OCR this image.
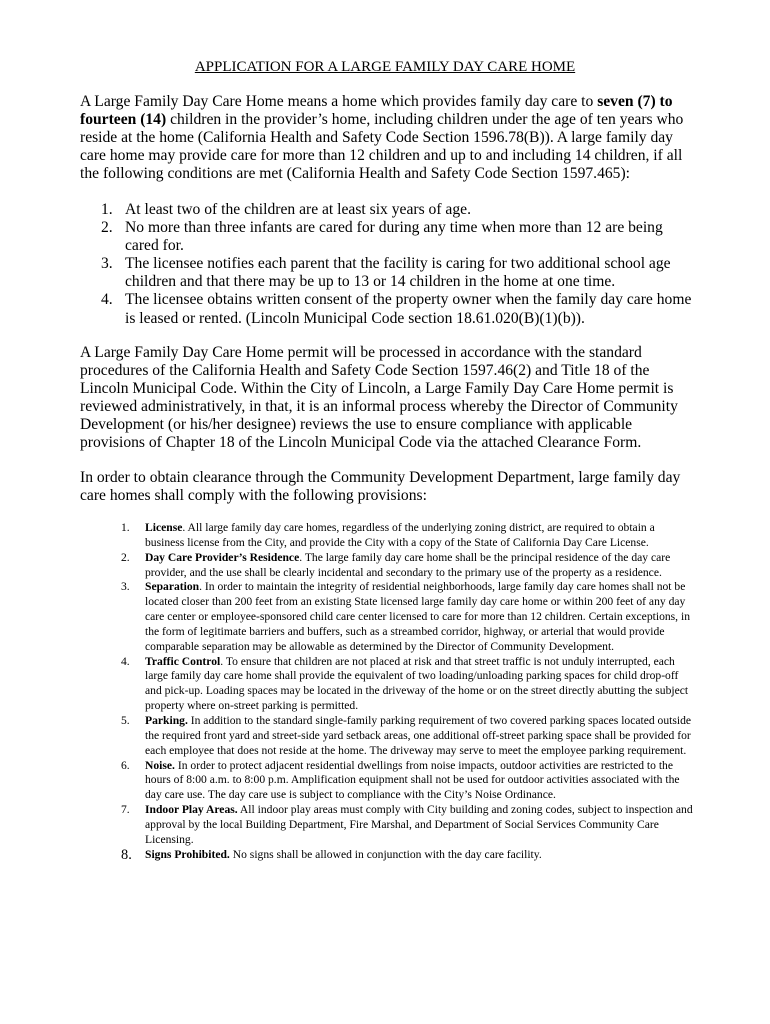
APPLICATION FOR A LARGE FAMILY DAY CARE HOME

A Large Family Day Care Home means a home which provides family day care to seven (7) to fourteen (14) children in the provider’s home, including children under the age of ten years who reside at the home (California Health and Safety Code Section 1596.78(B)). A large family day care home may provide care for more than 12 children and up to and including 14 children, if all the following conditions are met (California Health and Safety Code Section 1597.465):

1. At least two of the children are at least six years of age.
2. No more than three infants are cared for during any time when more than 12 are being cared for.
3. The licensee notifies each parent that the facility is caring for two additional school age children and that there may be up to 13 or 14 children in the home at one time.
4. The licensee obtains written consent of the property owner when the family day care home is leased or rented. (Lincoln Municipal Code section 18.61.020(B)(1)(b)).

A Large Family Day Care Home permit will be processed in accordance with the standard procedures of the California Health and Safety Code Section 1597.46(2) and Title 18 of the Lincoln Municipal Code. Within the City of Lincoln, a Large Family Day Care Home permit is reviewed administratively, in that, it is an informal process whereby the Director of Community Development (or his/her designee) reviews the use to ensure compliance with applicable provisions of Chapter 18 of the Lincoln Municipal Code via the attached Clearance Form.

In order to obtain clearance through the Community Development Department, large family day care homes shall comply with the following provisions:

1. License. All large family day care homes, regardless of the underlying zoning district, are required to obtain a business license from the City, and provide the City with a copy of the State of California Day Care License.
2. Day Care Provider’s Residence. The large family day care home shall be the principal residence of the day care provider, and the use shall be clearly incidental and secondary to the primary use of the property as a residence.
3. Separation. In order to maintain the integrity of residential neighborhoods, large family day care homes shall not be located closer than 200 feet from an existing State licensed large family day care home or within 200 feet of any day care center or employee-sponsored child care center licensed to care for more than 12 children. Certain exceptions, in the form of legitimate barriers and buffers, such as a streambed corridor, highway, or arterial that would provide comparable separation may be allowable as determined by the Director of Community Development.
4. Traffic Control. To ensure that children are not placed at risk and that street traffic is not unduly interrupted, each large family day care home shall provide the equivalent of two loading/unloading parking spaces for child drop-off and pick-up. Loading spaces may be located in the driveway of the home or on the street directly abutting the subject property where on-street parking is permitted.
5. Parking. In addition to the standard single-family parking requirement of two covered parking spaces located outside the required front yard and street-side yard setback areas, one additional off-street parking space shall be provided for each employee that does not reside at the home. The driveway may serve to meet the employee parking requirement.
6. Noise. In order to protect adjacent residential dwellings from noise impacts, outdoor activities are restricted to the hours of 8:00 a.m. to 8:00 p.m. Amplification equipment shall not be used for outdoor activities associated with the day care use. The day care use is subject to compliance with the City’s Noise Ordinance.
7. Indoor Play Areas. All indoor play areas must comply with City building and zoning codes, subject to inspection and approval by the local Building Department, Fire Marshal, and Department of Social Services Community Care Licensing.
8. Signs Prohibited. No signs shall be allowed in conjunction with the day care facility.
